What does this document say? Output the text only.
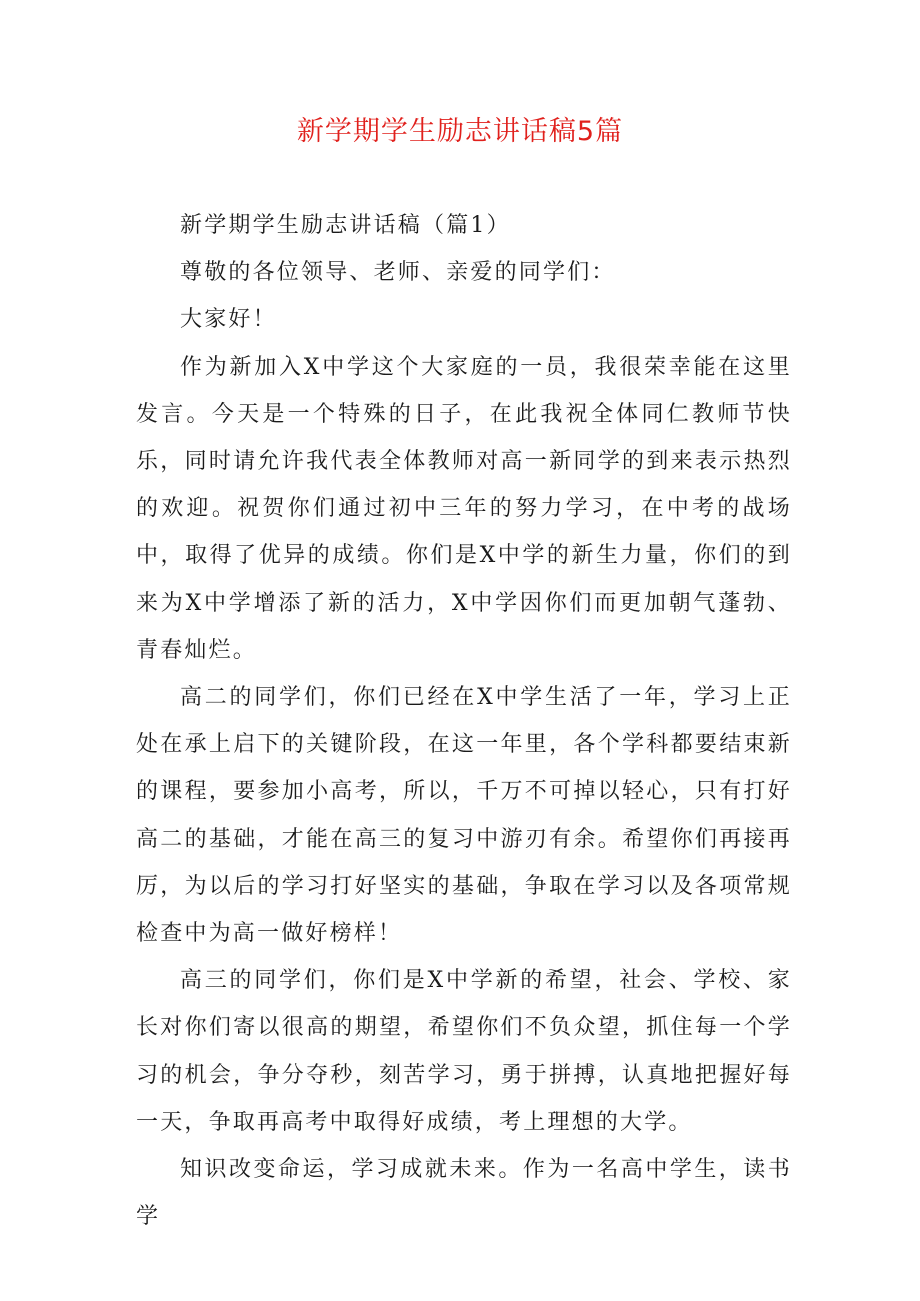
新学期学生励志讲话稿5篇

新学期学生励志讲话稿（篇1）

尊敬的各位领导、老师、亲爱的同学们：

大家好！

作为新加入X中学这个大家庭的一员，我很荣幸能在这里发言。今天是一个特殊的日子，在此我祝全体同仁教师节快乐，同时请允许我代表全体教师对高一新同学的到来表示热烈的欢迎。祝贺你们通过初中三年的努力学习，在中考的战场中，取得了优异的成绩。你们是X中学的新生力量，你们的到来为X中学增添了新的活力，X中学因你们而更加朝气蓬勃、青春灿烂。

高二的同学们，你们已经在X中学生活了一年，学习上正处在承上启下的关键阶段，在这一年里，各个学科都要结束新的课程，要参加小高考，所以，千万不可掉以轻心，只有打好高二的基础，才能在高三的复习中游刃有余。希望你们再接再厉，为以后的学习打好坚实的基础，争取在学习以及各项常规检查中为高一做好榜样！

高三的同学们，你们是X中学新的希望，社会、学校、家长对你们寄以很高的期望，希望你们不负众望，抓住每一个学习的机会，争分夺秒，刻苦学习，勇于拼搏，认真地把握好每一天，争取再高考中取得好成绩，考上理想的大学。

知识改变命运，学习成就未来。作为一名高中学生，读书学
